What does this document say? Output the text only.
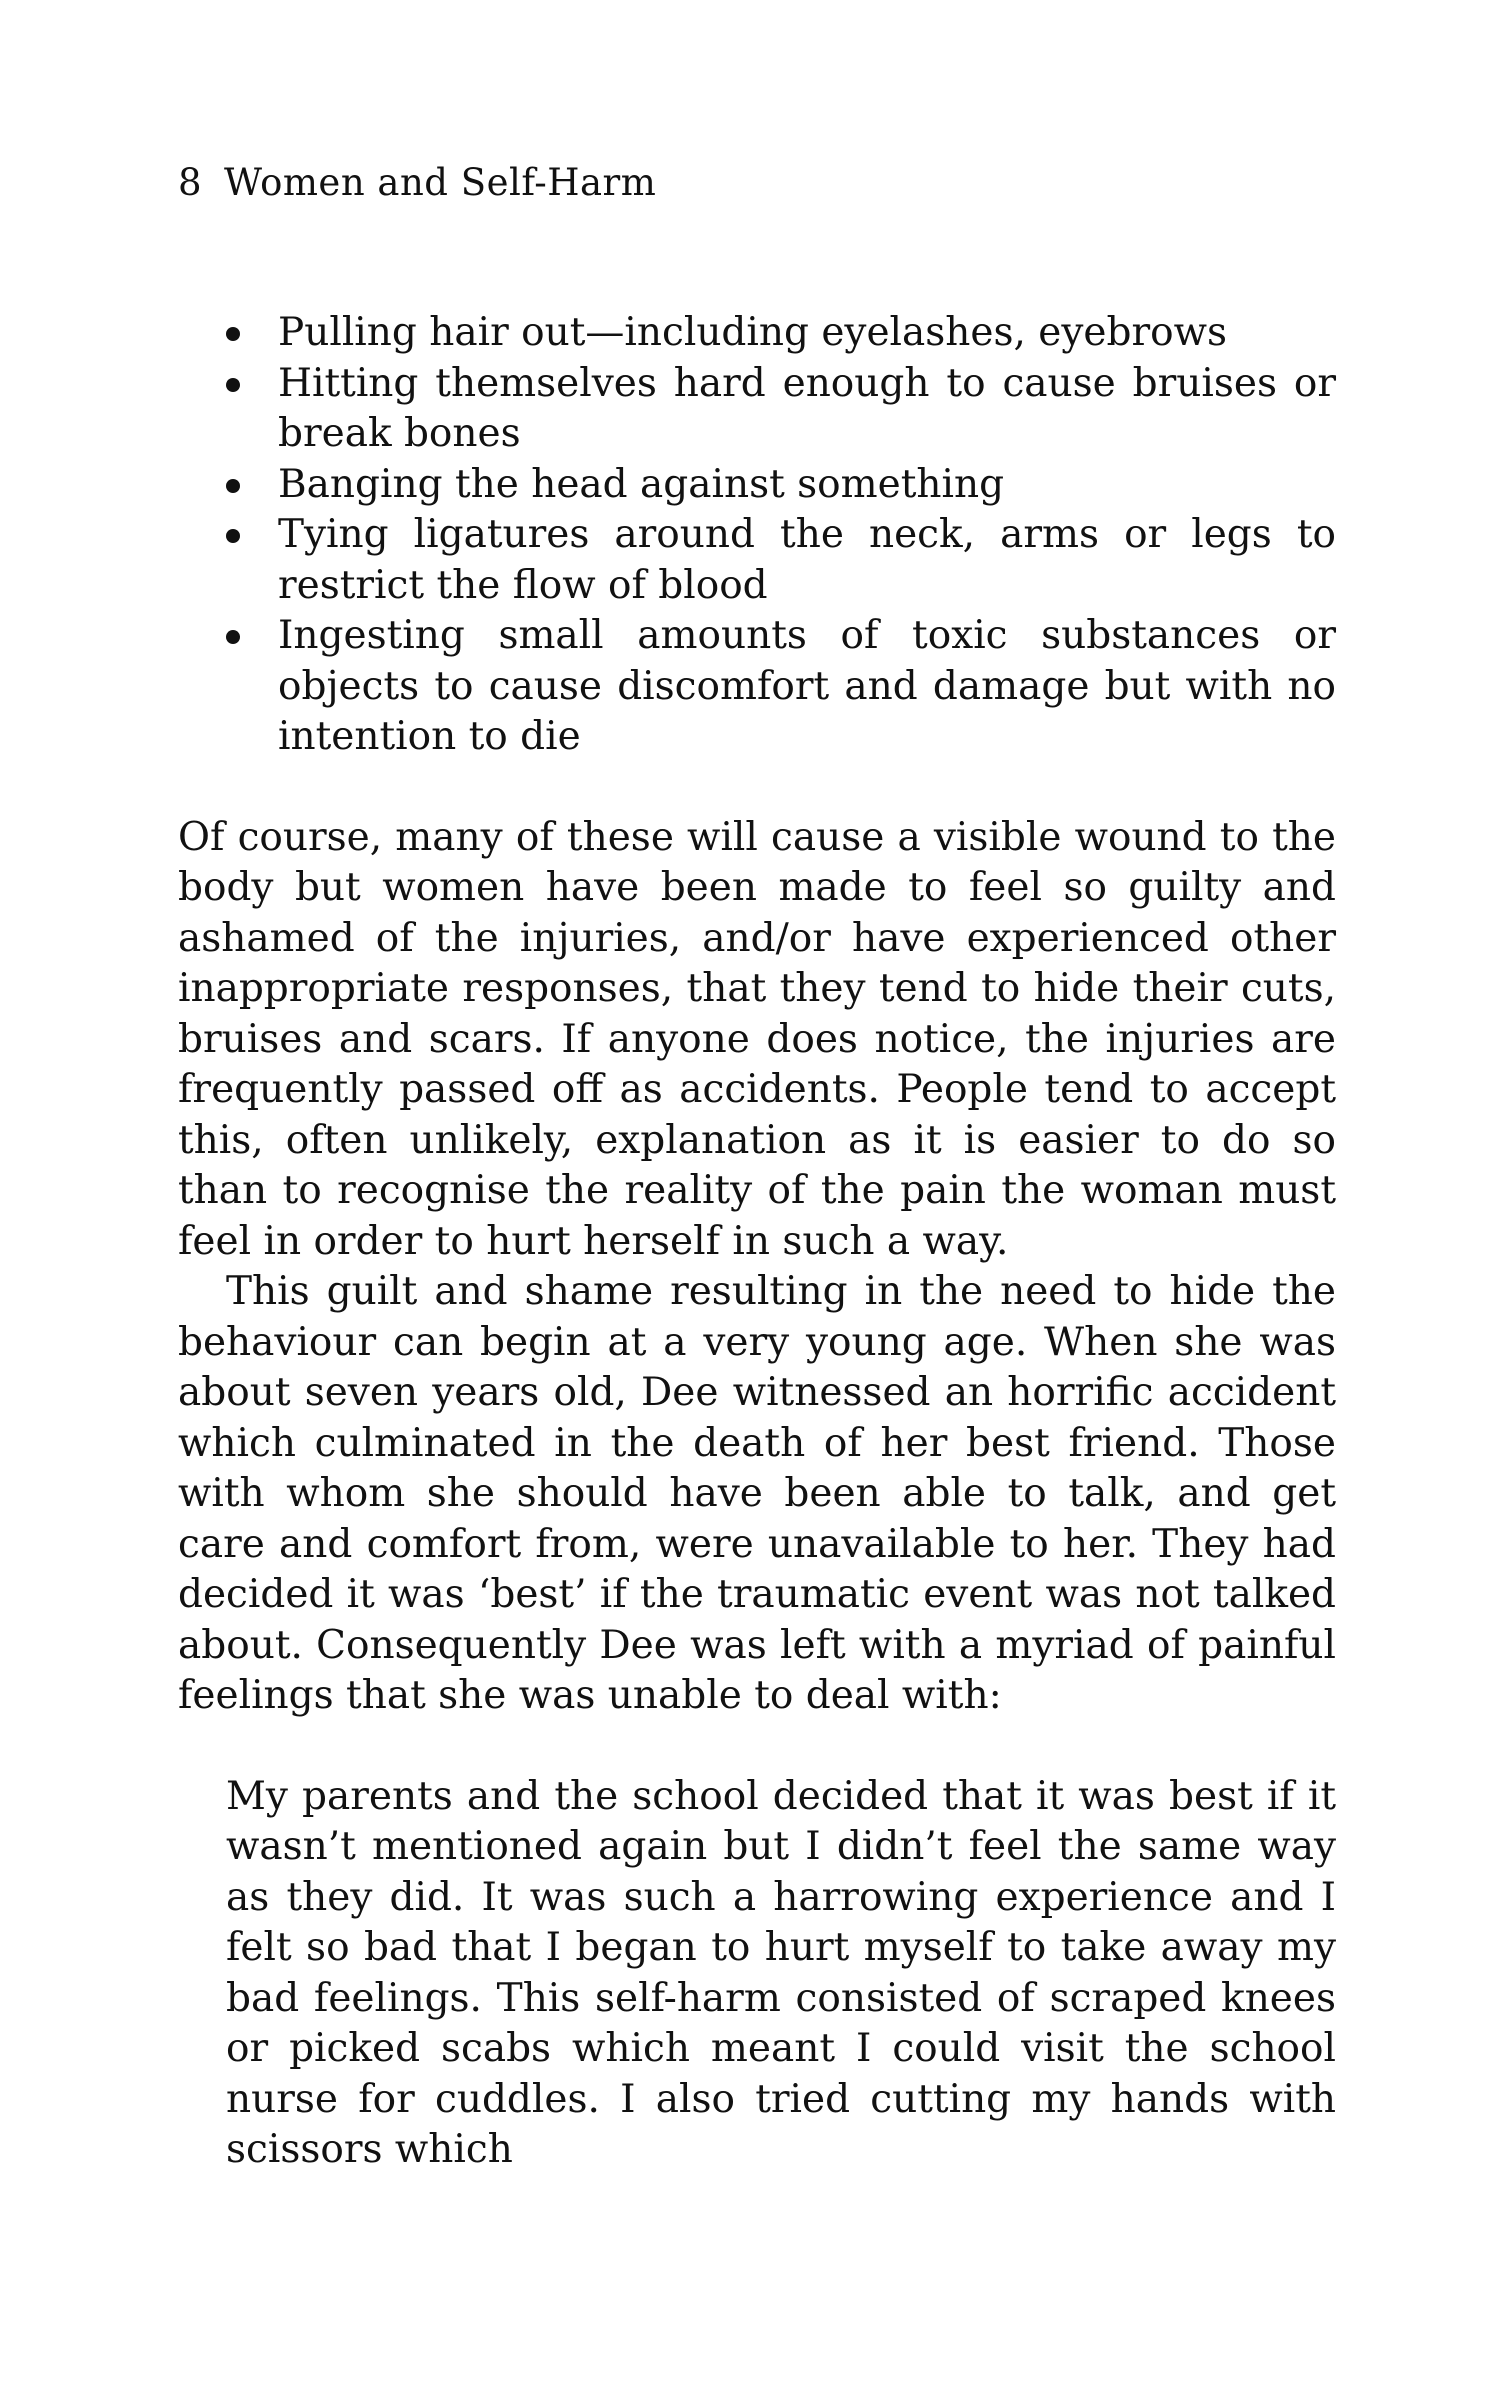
8 Women and Self-Harm
Pulling hair out—including eyelashes, eyebrows
Hitting themselves hard enough to cause bruises or break bones
Banging the head against something
Tying ligatures around the neck, arms or legs to restrict the flow of blood
Ingesting small amounts of toxic substances or objects to cause discomfort and damage but with no intention to die

Of course, many of these will cause a visible wound to the body but women have been made to feel so guilty and ashamed of the injuries, and/or have experienced other inappropriate responses, that they tend to hide their cuts, bruises and scars. If anyone does notice, the injuries are frequently passed off as accidents. People tend to accept this, often unlikely, explanation as it is easier to do so than to recognise the reality of the pain the woman must feel in order to hurt herself in such a way.

This guilt and shame resulting in the need to hide the behaviour can begin at a very young age. When she was about seven years old, Dee witnessed an horrific accident which culminated in the death of her best friend. Those with whom she should have been able to talk, and get care and comfort from, were unavailable to her. They had decided it was ‘best’ if the traumatic event was not talked about. Consequently Dee was left with a myriad of painful feelings that she was unable to deal with:

My parents and the school decided that it was best if it wasn’t mentioned again but I didn’t feel the same way as they did. It was such a harrowing experience and I felt so bad that I began to hurt myself to take away my bad feelings. This self-harm consisted of scraped knees or picked scabs which meant I could visit the school nurse for cuddles. I also tried cutting my hands with scissors which
